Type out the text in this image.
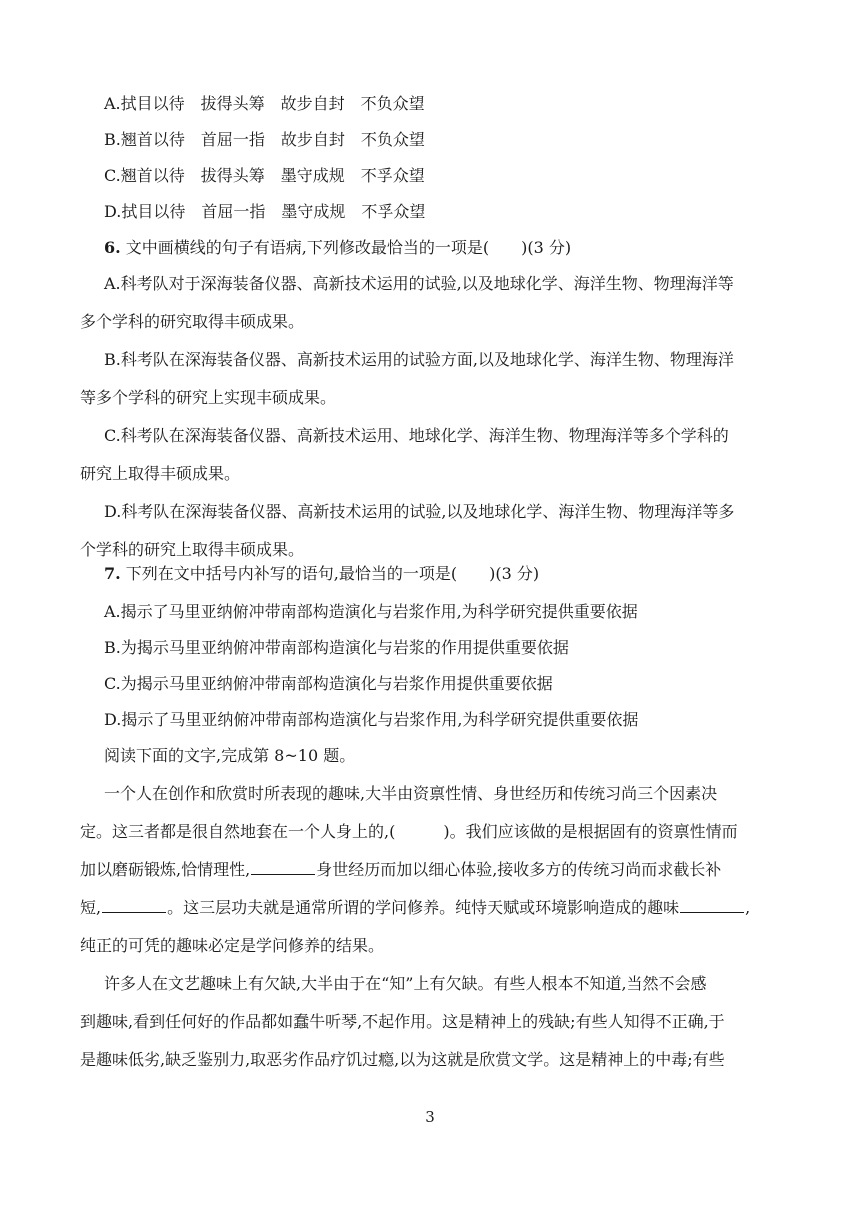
A.拭目以待　拔得头筹　故步自封　不负众望
B.翘首以待　首屈一指　故步自封　不负众望
C.翘首以待　拔得头筹　墨守成规　不孚众望
D.拭目以待　首屈一指　墨守成规　不孚众望
6. 文中画横线的句子有语病,下列修改最恰当的一项是(　　)(3 分)
A.科考队对于深海装备仪器、高新技术运用的试验,以及地球化学、海洋生物、物理海洋等
多个学科的研究取得丰硕成果。
B.科考队在深海装备仪器、高新技术运用的试验方面,以及地球化学、海洋生物、物理海洋
等多个学科的研究上实现丰硕成果。
C.科考队在深海装备仪器、高新技术运用、地球化学、海洋生物、物理海洋等多个学科的
研究上取得丰硕成果。
D.科考队在深海装备仪器、高新技术运用的试验,以及地球化学、海洋生物、物理海洋等多
个学科的研究上取得丰硕成果。
7. 下列在文中括号内补写的语句,最恰当的一项是(　　)(3 分)
A.揭示了马里亚纳俯冲带南部构造演化与岩浆作用,为科学研究提供重要依据
B.为揭示马里亚纳俯冲带南部构造演化与岩浆的作用提供重要依据
C.为揭示马里亚纳俯冲带南部构造演化与岩浆作用提供重要依据
D.揭示了马里亚纳俯冲带南部构造演化与岩浆作用,为科学研究提供重要依据
阅读下面的文字,完成第 8~10 题。
一个人在创作和欣赏时所表现的趣味,大半由资禀性情、身世经历和传统习尚三个因素决
定。这三者都是很自然地套在一个人身上的,(　　　)。我们应该做的是根据固有的资禀性情而
加以磨砺锻炼,恰情理性,	身世经历而加以细心体验,接收多方的传统习尚而求截长补
短,	。这三层功夫就是通常所谓的学问修养。纯恃天赋或环境影响造成的趣味	,
纯正的可凭的趣味必定是学问修养的结果。
许多人在文艺趣味上有欠缺,大半由于在“知”上有欠缺。有些人根本不知道,当然不会感
到趣味,看到任何好的作品都如蠢牛听琴,不起作用。这是精神上的残缺;有些人知得不正确,于
是趣味低劣,缺乏鉴别力,取恶劣作品疗饥过瘾,以为这就是欣赏文学。这是精神上的中毒;有些
3
